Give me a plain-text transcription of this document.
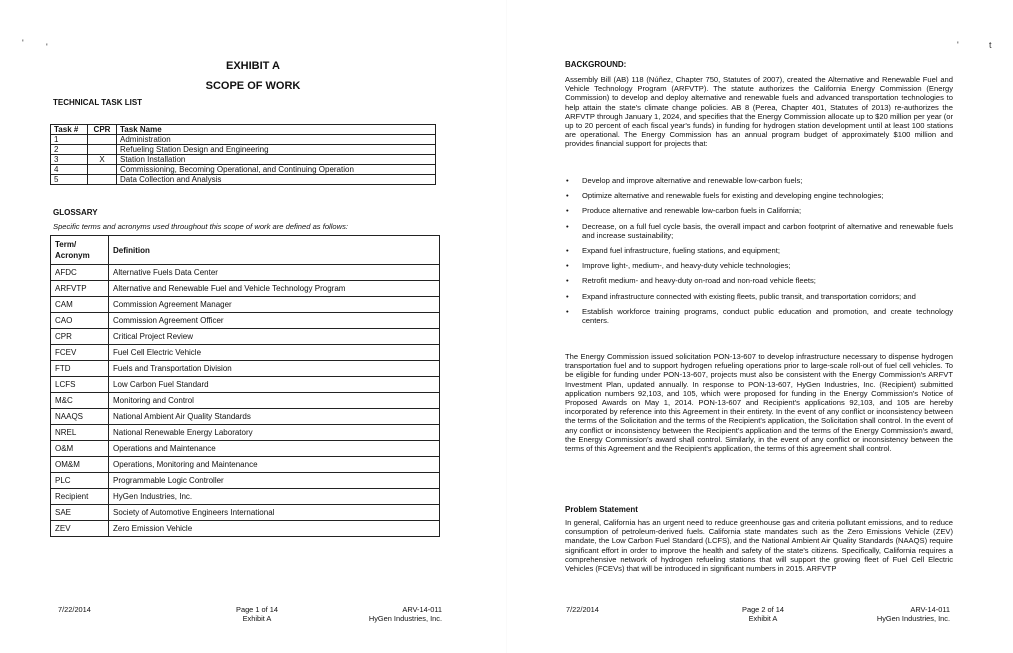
' '
EXHIBIT A
SCOPE OF WORK
TECHNICAL TASK LIST
Task #	CPR	Task Name
1		Administration
2		Refueling Station Design and Engineering
3	X	Station Installation
4		Commissioning, Becoming Operational, and Continuing Operation
5		Data Collection and Analysis
GLOSSARY
Specific terms and acronyms used throughout this scope of work are defined as follows:
Term/ Acronym	Definition
AFDC	Alternative Fuels Data Center
ARFVTP	Alternative and Renewable Fuel and Vehicle Technology Program
CAM	Commission Agreement Manager
CAO	Commission Agreement Officer
CPR	Critical Project Review
FCEV	Fuel Cell Electric Vehicle
FTD	Fuels and Transportation Division
LCFS	Low Carbon Fuel Standard
M&C	Monitoring and Control
NAAQS	National Ambient Air Quality Standards
NREL	National Renewable Energy Laboratory
O&M	Operations and Maintenance
OM&M	Operations, Monitoring and Maintenance
PLC	Programmable Logic Controller
Recipient	HyGen Industries, Inc.
SAE	Society of Automotive Engineers International
ZEV	Zero Emission Vehicle
7/22/2014	Page 1 of 14
Exhibit A
ARV-14-011
HyGen Industries, Inc.
'	t
BACKGROUND:

Assembly Bill (AB) 118 (Núñez, Chapter 750, Statutes of 2007), created the Alternative and Renewable Fuel and Vehicle Technology Program (ARFVTP). The statute authorizes the California Energy Commission (Energy Commission) to develop and deploy alternative and renewable fuels and advanced transportation technologies to help attain the state's climate change policies. AB 8 (Perea, Chapter 401, Statutes of 2013) re-authorizes the ARFVTP through January 1, 2024, and specifies that the Energy Commission allocate up to $20 million per year (or up to 20 percent of each fiscal year's funds) in funding for hydrogen station development until at least 100 stations are operational. The Energy Commission has an annual program budget of approximately $100 million and provides financial support for projects that:

• Develop and improve alternative and renewable low-carbon fuels;
• Optimize alternative and renewable fuels for existing and developing engine technologies;
• Produce alternative and renewable low-carbon fuels in California;
• Decrease, on a full fuel cycle basis, the overall impact and carbon footprint of alternative and renewable fuels and increase sustainability;
• Expand fuel infrastructure, fueling stations, and equipment;
• Improve light-, medium-, and heavy-duty vehicle technologies;
• Retrofit medium- and heavy-duty on-road and non-road vehicle fleets;
• Expand infrastructure connected with existing fleets, public transit, and transportation corridors; and
• Establish workforce training programs, conduct public education and promotion, and create technology centers.

The Energy Commission issued solicitation PON-13-607 to develop infrastructure necessary to dispense hydrogen transportation fuel and to support hydrogen refueling operations prior to large-scale roll-out of fuel cell vehicles. To be eligible for funding under PON-13-607, projects must also be consistent with the Energy Commission's ARFVT Investment Plan, updated annually. In response to PON-13-607, HyGen Industries, Inc. (Recipient) submitted application numbers 92,103, and 105, which were proposed for funding in the Energy Commission's Notice of Proposed Awards on May 1, 2014. PON-13-607 and Recipient's applications 92,103, and 105 are hereby incorporated by reference into this Agreement in their entirety. In the event of any conflict or inconsistency between the terms of the Solicitation and the terms of the Recipient's application, the Solicitation shall control. In the event of any conflict or inconsistency between the Recipient's application and the terms of the Energy Commission's award, the Energy Commission's award shall control. Similarly, in the event of any conflict or inconsistency between the terms of this Agreement and the Recipient's application, the terms of this agreement shall control.

Problem Statement

In general, California has an urgent need to reduce greenhouse gas and criteria pollutant emissions, and to reduce consumption of petroleum-derived fuels. California state mandates such as the Zero Emissions Vehicle (ZEV) mandate, the Low Carbon Fuel Standard (LCFS), and the National Ambient Air Quality Standards (NAAQS) require significant effort in order to improve the health and safety of the state's citizens. Specifically, California requires a comprehensive network of hydrogen refueling stations that will support the growing fleet of Fuel Cell Electric Vehicles (FCEVs) that will be introduced in significant numbers in 2015. ARFVTP

7/22/2014	Page 2 of 14
Exhibit A
ARV-14-011
HyGen Industries, Inc.
